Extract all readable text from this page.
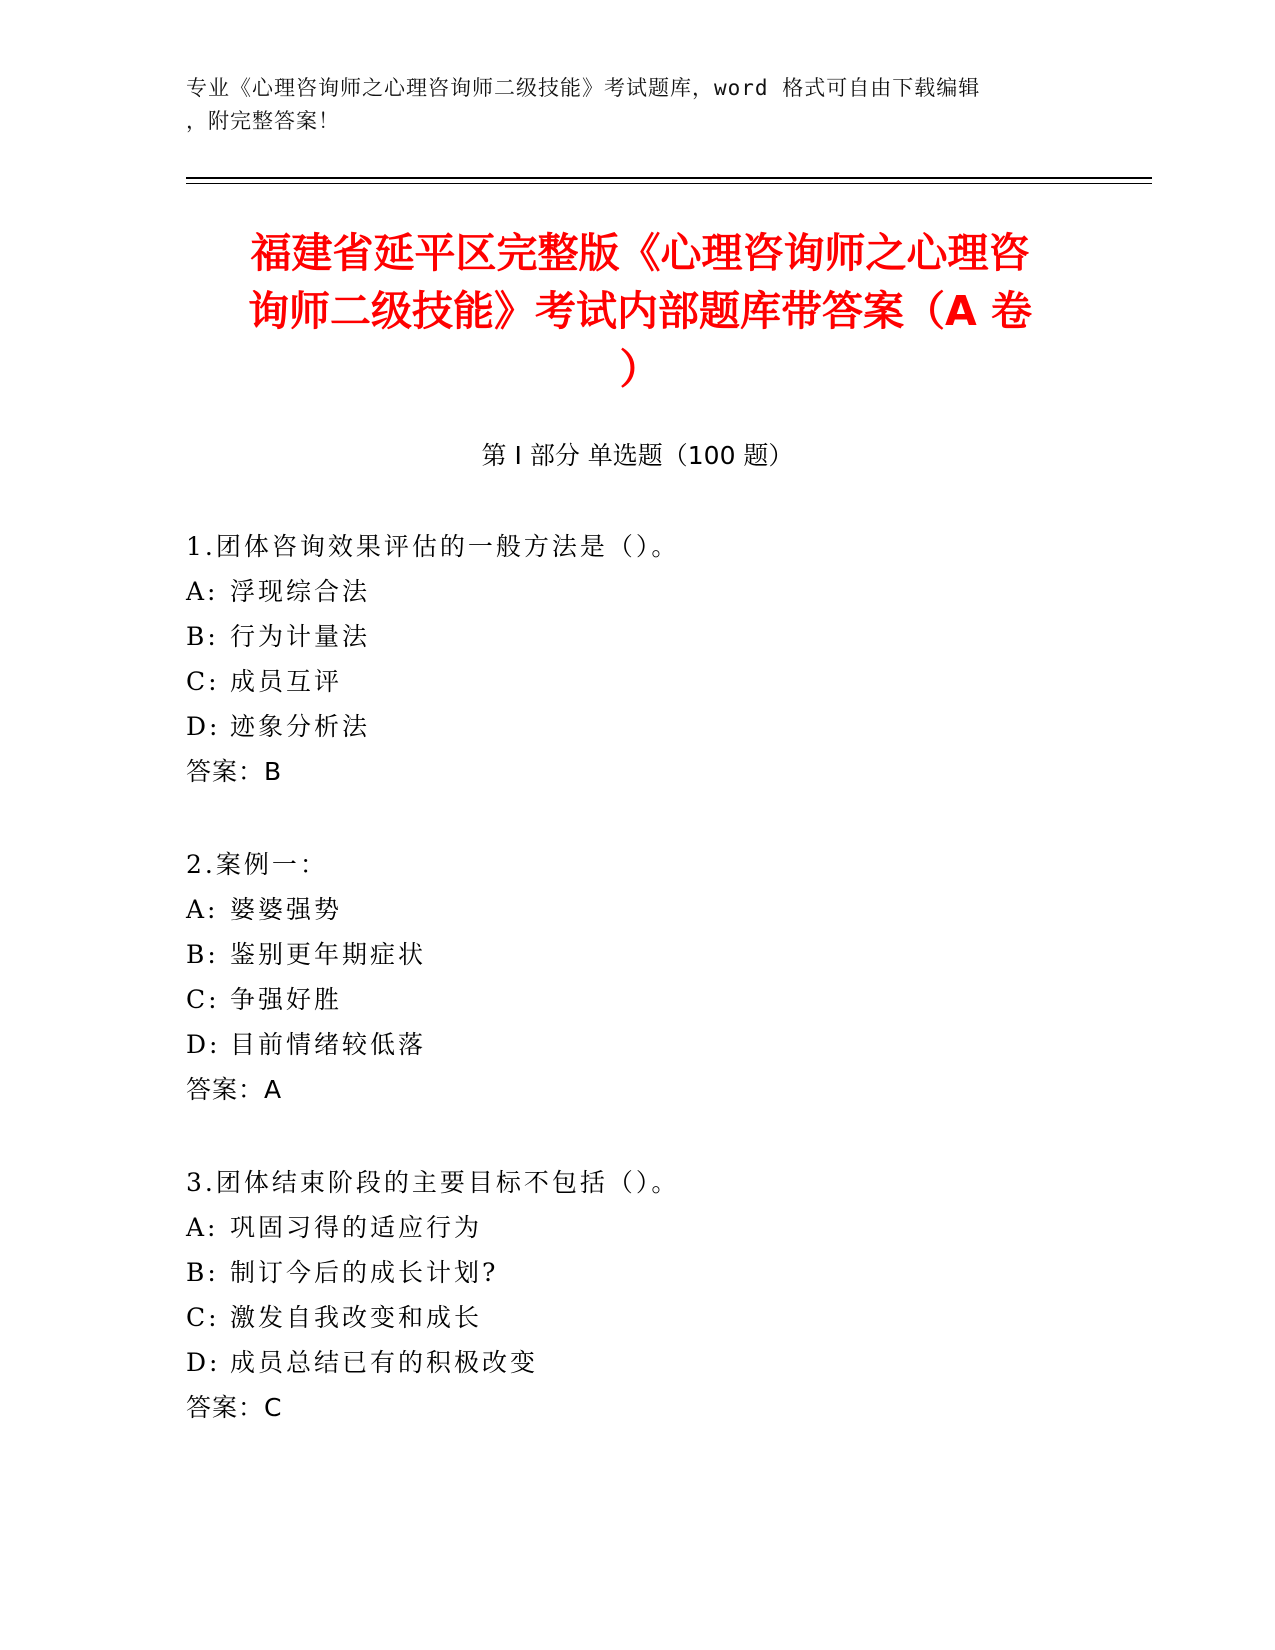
专业《心理咨询师之心理咨询师二级技能》考试题库，word 格式可自由下载编辑
，附完整答案！
福建省延平区完整版《心理咨询师之心理咨
询师二级技能》考试内部题库带答案（A 卷
）
第 I 部分 单选题（100 题）
1.团体咨询效果评估的一般方法是（）。
A: 浮现综合法
B: 行为计量法
C: 成员互评
D: 迹象分析法
答案：B
2.案例一：
A: 婆婆强势
B: 鉴别更年期症状
C: 争强好胜
D: 目前情绪较低落
答案：A
3.团体结束阶段的主要目标不包括（）。
A: 巩固习得的适应行为
B: 制订今后的成长计划?
C: 激发自我改变和成长
D: 成员总结已有的积极改变
答案：C
